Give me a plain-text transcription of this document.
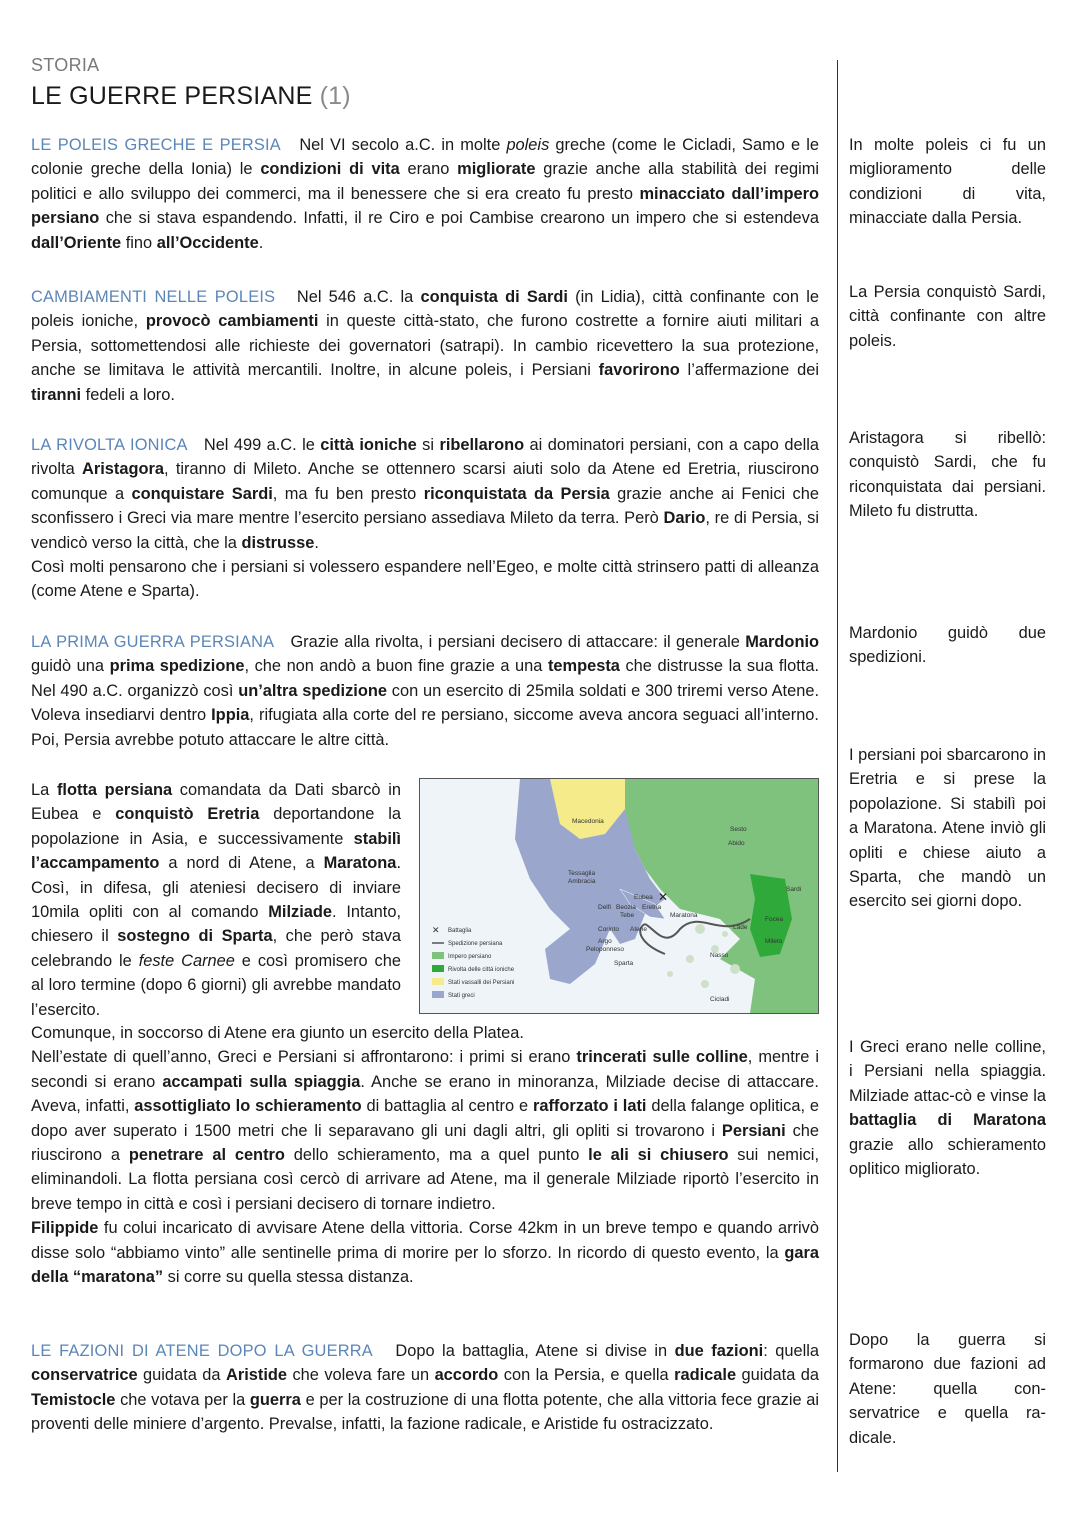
STORIA
LE GUERRE PERSIANE (1)

LE POLEIS GRECHE E PERSIA Nel VI secolo a.C. in molte poleis greche (come le Cicladi, Samo e le colonie greche della Ionia) le condizioni di vita erano migliorate grazie anche alla stabilità dei regimi politici e allo sviluppo dei commerci, ma il benessere che si era creato fu presto minacciato dall’impero persiano che si stava espandendo. Infatti, il re Ciro e poi Cambise crearono un impero che si estendeva dall’Oriente fino all’Occidente.

In molte poleis ci fu un miglioramento delle condizioni di vita, minacciate dalla Persia.

CAMBIAMENTI NELLE POLEIS Nel 546 a.C. la conquista di Sardi (in Lidia), città confinante con le poleis ioniche, provocò cambiamenti in queste città-stato, che furono costrette a fornire aiuti militari a Persia, sottomettendosi alle richieste dei governatori (satrapi). In cambio ricevettero la sua protezione, anche se limitava le attività mercantili. Inoltre, in alcune poleis, i Persiani favorirono l’affermazione dei tiranni fedeli a loro.

La Persia conquistò Sardi, città confinante con altre poleis.

LA RIVOLTA IONICA Nel 499 a.C. le città ioniche si ribellarono ai dominatori persiani, con a capo della rivolta Aristagora, tiranno di Mileto. Anche se ottennero scarsi aiuti solo da Atene ed Eretria, riuscirono comunque a conquistare Sardi, ma fu ben presto riconquistata da Persia grazie anche ai Fenici che sconfissero i Greci via mare mentre l’esercito persiano assediava Mileto da terra. Però Dario, re di Persia, si vendicò verso la città, che la distrusse.

Così molti pensarono che i persiani si volessero espandere nell’Egeo, e molte città strinsero patti di alleanza (come Atene e Sparta).

Aristagora si ribellò: conquistò Sardi, che fu riconquistata dai persiani. Mileto fu distrutta.

LA PRIMA GUERRA PERSIANA Grazie alla rivolta, i persiani decisero di attaccare: il generale Mardonio guidò una prima spedizione, che non andò a buon fine grazie a una tempesta che distrusse la sua flotta. Nel 490 a.C. organizzò così un’altra spedizione con un esercito di 25mila soldati e 300 triremi verso Atene. Voleva insediarvi dentro Ippia, rifugiata alla corte del re persiano, siccome aveva ancora seguaci all’interno. Poi, Persia avrebbe potuto attaccare le altre città.

Mardonio guidò due spedizioni.

La flotta persiana comandata da Dati sbarcò in Eubea e conquistò Eretria deportandone la popolazione in Asia, e successivamente stabilì l’accampamento a nord di Atene, a Maratona. Così, in difesa, gli ateniesi decisero di inviare 10mila opliti con al comando Milziade. Intanto, chiesero il sostegno di Sparta, che però stava celebrando le feste Carnee e così promisero che al loro termine (dopo 6 giorni) gli avrebbe mandato l’esercito.
✕
Macedonia
Tessaglia
Ambracia
Delfi Beozia Eretria
Eubea
Tebe	Maratona
Corinto Atene
Argo
Peloponneso
Sparta
Nasso
Cicladi
Lade
Sesto
Abido
Sardi
Focea
Mileto
✕ Battaglia
Spedizione persiana
Impero persiano
Rivolta delle città ioniche
Stati vassalli dei Persiani
Stati greci

I persiani poi sbarcarono in Eretria e si prese la popolazione. Si stabilì poi a Maratona. Atene inviò gli opliti e chiese aiuto a Sparta, che mandò un esercito sei giorni dopo.

Comunque, in soccorso di Atene era giunto un esercito della Platea.

Nell’estate di quell’anno, Greci e Persiani si affrontarono: i primi si erano trincerati sulle colline, mentre i secondi si erano accampati sulla spiaggia. Anche se erano in minoranza, Milziade decise di attaccare. Aveva, infatti, assottigliato lo schieramento di battaglia al centro e rafforzato i lati della falange oplitica, e dopo aver superato i 1500 metri che li separavano gli uni dagli altri, gli opliti si trovarono i Persiani che riuscirono a penetrare al centro dello schieramento, ma a quel punto le ali si chiusero sui nemici, eliminandoli. La flotta persiana così cercò di arrivare ad Atene, ma il generale Milziade riportò l’esercito in breve tempo in città e così i persiani decisero di tornare indietro.

Filippide fu colui incaricato di avvisare Atene della vittoria. Corse 42km in un breve tempo e quando arrivò disse solo “abbiamo vinto” alle sentinelle prima di morire per lo sforzo. In ricordo di questo evento, la gara della “maratona” si corre su quella stessa distanza.

I Greci erano nelle colline, i Persiani nella spiaggia. Milziade attac-cò e vinse la battaglia di Maratona grazie allo schieramento oplitico migliorato.

LE FAZIONI DI ATENE DOPO LA GUERRA Dopo la battaglia, Atene si divise in due fazioni: quella conservatrice guidata da Aristide che voleva fare un accordo con la Persia, e quella radicale guidata da Temistocle che votava per la guerra e per la costruzione di una flotta potente, che alla vittoria fece grazie ai proventi delle miniere d’argento. Prevalse, infatti, la fazione radicale, e Aristide fu ostracizzato.

Dopo la guerra si formarono due fazioni ad Atene: quella con-servatrice e quella ra-dicale.
